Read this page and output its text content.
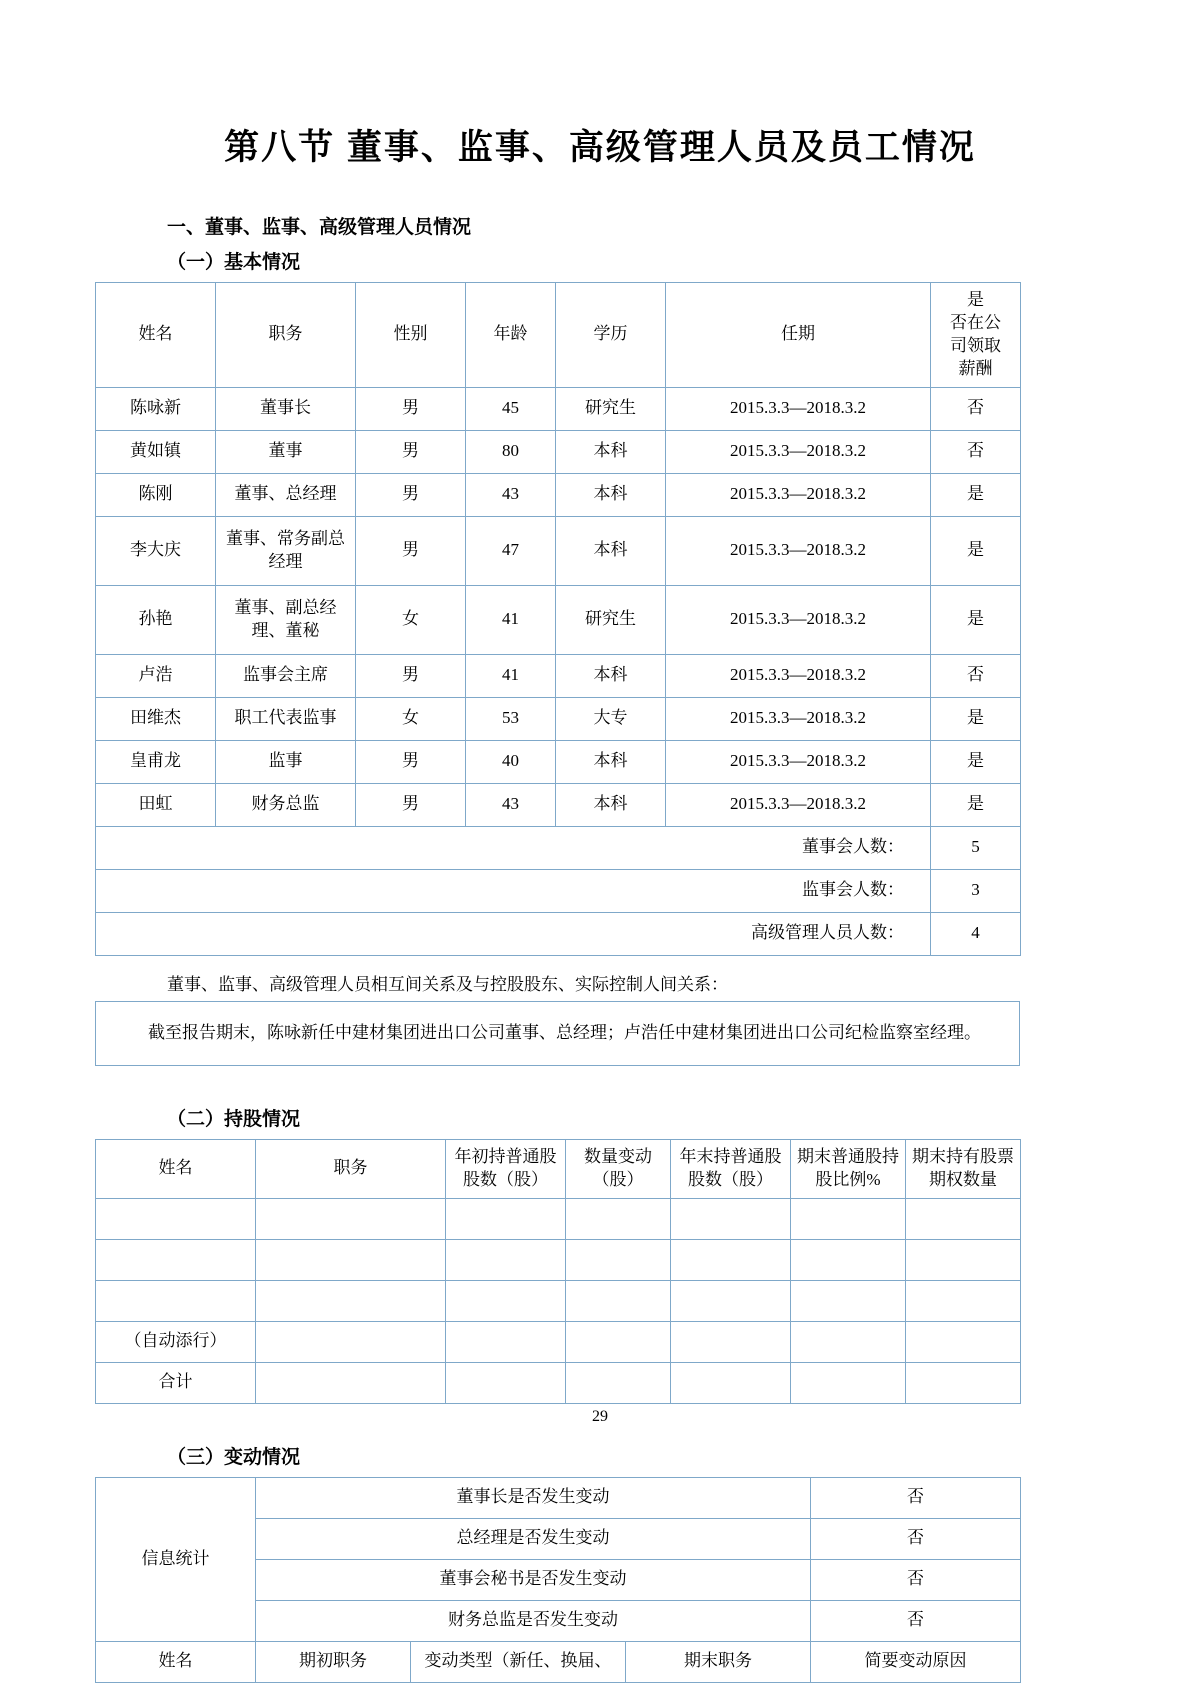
第八节 董事、监事、高级管理人员及员工情况
一、董事、监事、高级管理人员情况
（一）基本情况
姓名	职务	性别	年龄	学历	任期	是
否在公
司领取
薪酬

陈咏新	董事长	男	45	研究生	2015.3.3—2018.3.2	否
黄如镇	董事	男	80	本科	2015.3.3—2018.3.2	否
陈刚	董事、总经理	男	43	本科	2015.3.3—2018.3.2	是
李大庆	董事、常务副总经理	男	47	本科	2015.3.3—2018.3.2	是
孙艳	董事、副总经理、董秘	女	41	研究生	2015.3.3—2018.3.2	是
卢浩	监事会主席	男	41	本科	2015.3.3—2018.3.2	否
田维杰	职工代表监事	女	53	大专	2015.3.3—2018.3.2	是
皇甫龙	监事	男	40	本科	2015.3.3—2018.3.2	是
田虹	财务总监	男	43	本科	2015.3.3—2018.3.2	是
董事会人数：						5
监事会人数：						3
高级管理人员人数：						4
董事、监事、高级管理人员相互间关系及与控股股东、实际控制人间关系：

截至报告期末，陈咏新任中建材集团进出口公司董事、总经理；卢浩任中建材集团进出口公司纪检监察室经理。

（二）持股情况
姓名	职务	年初持普通股股数（股）	数量变动（股）	年末持普通股股数（股）	期末普通股持股比例%	期末持有股票期权数量

（自动添行）						
合计						
（三）变动情况
信息统计	董事长是否发生变动			否
	总经理是否发生变动			否
	董事会秘书是否发生变动			否
	财务总监是否发生变动			否
姓名	期初职务	变动类型（新任、换届、	期末职务	简要变动原因
29
